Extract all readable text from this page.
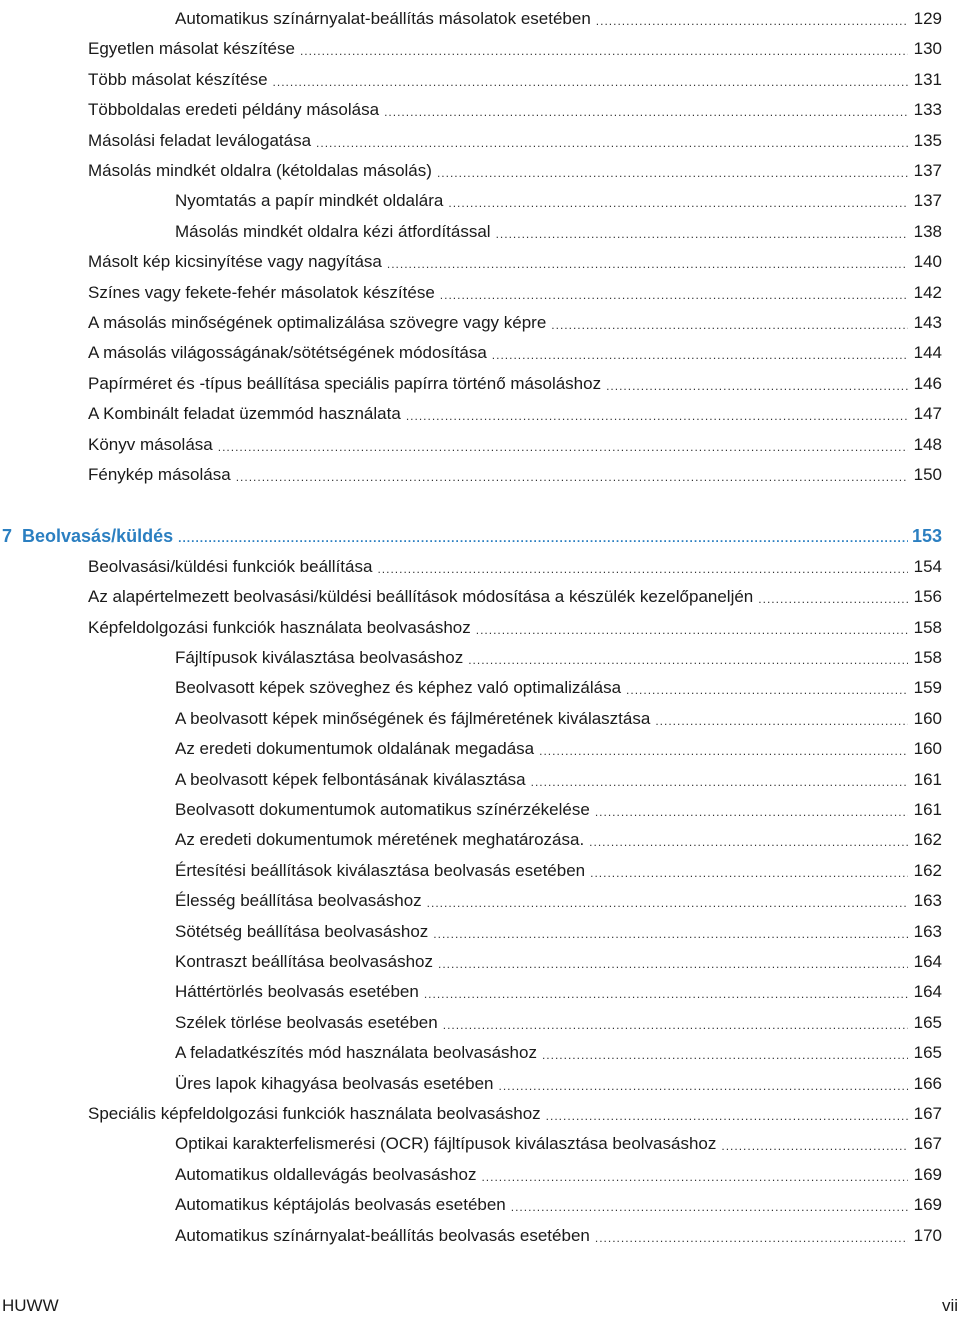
Automatikus színárnyalat-beállítás másolatok esetében .....	129
Egyetlen másolat készítése .....	130
Több másolat készítése .....	131
Többoldalas eredeti példány másolása .....	133
Másolási feladat leválogatása .....	135
Másolás mindkét oldalra (kétoldalas másolás) .....	137
Nyomtatás a papír mindkét oldalára .....	137
Másolás mindkét oldalra kézi átfordítással .....	138
Másolt kép kicsinyítése vagy nagyítása .....	140
Színes vagy fekete-fehér másolatok készítése .....	142
A másolás minőségének optimalizálása szövegre vagy képre .....	143
A másolás világosságának/sötétségének módosítása .....	144
Papírméret és -típus beállítása speciális papírra történő másoláshoz .....	146
A Kombinált feladat üzemmód használata .....	147
Könyv másolása .....	148
Fénykép másolása .....	150
7 Beolvasás/küldés .....	153
Beolvasási/küldési funkciók beállítása .....	154
Az alapértelmezett beolvasási/küldési beállítások módosítása a készülék kezelőpaneljén .....	156
Képfeldolgozási funkciók használata beolvasáshoz .....	158
Fájltípusok kiválasztása beolvasáshoz .....	158
Beolvasott képek szöveghez és képhez való optimalizálása .....	159
A beolvasott képek minőségének és fájlméretének kiválasztása .....	160
Az eredeti dokumentumok oldalának megadása .....	160
A beolvasott képek felbontásának kiválasztása .....	161
Beolvasott dokumentumok automatikus színérzékelése .....	161
Az eredeti dokumentumok méretének meghatározása. .....	162
Értesítési beállítások kiválasztása beolvasás esetében .....	162
Élesség beállítása beolvasáshoz .....	163
Sötétség beállítása beolvasáshoz .....	163
Kontraszt beállítása beolvasáshoz .....	164
Háttértörlés beolvasás esetében .....	164
Szélek törlése beolvasás esetében .....	165
A feladatkészítés mód használata beolvasáshoz .....	165
Üres lapok kihagyása beolvasás esetében .....	166
Speciális képfeldolgozási funkciók használata beolvasáshoz .....	167
Optikai karakterfelismerési (OCR) fájltípusok kiválasztása beolvasáshoz .....	167
Automatikus oldallevágás beolvasáshoz .....	169
Automatikus képtájolás beolvasás esetében .....	169
Automatikus színárnyalat-beállítás beolvasás esetében .....	170
HUWW	vii
